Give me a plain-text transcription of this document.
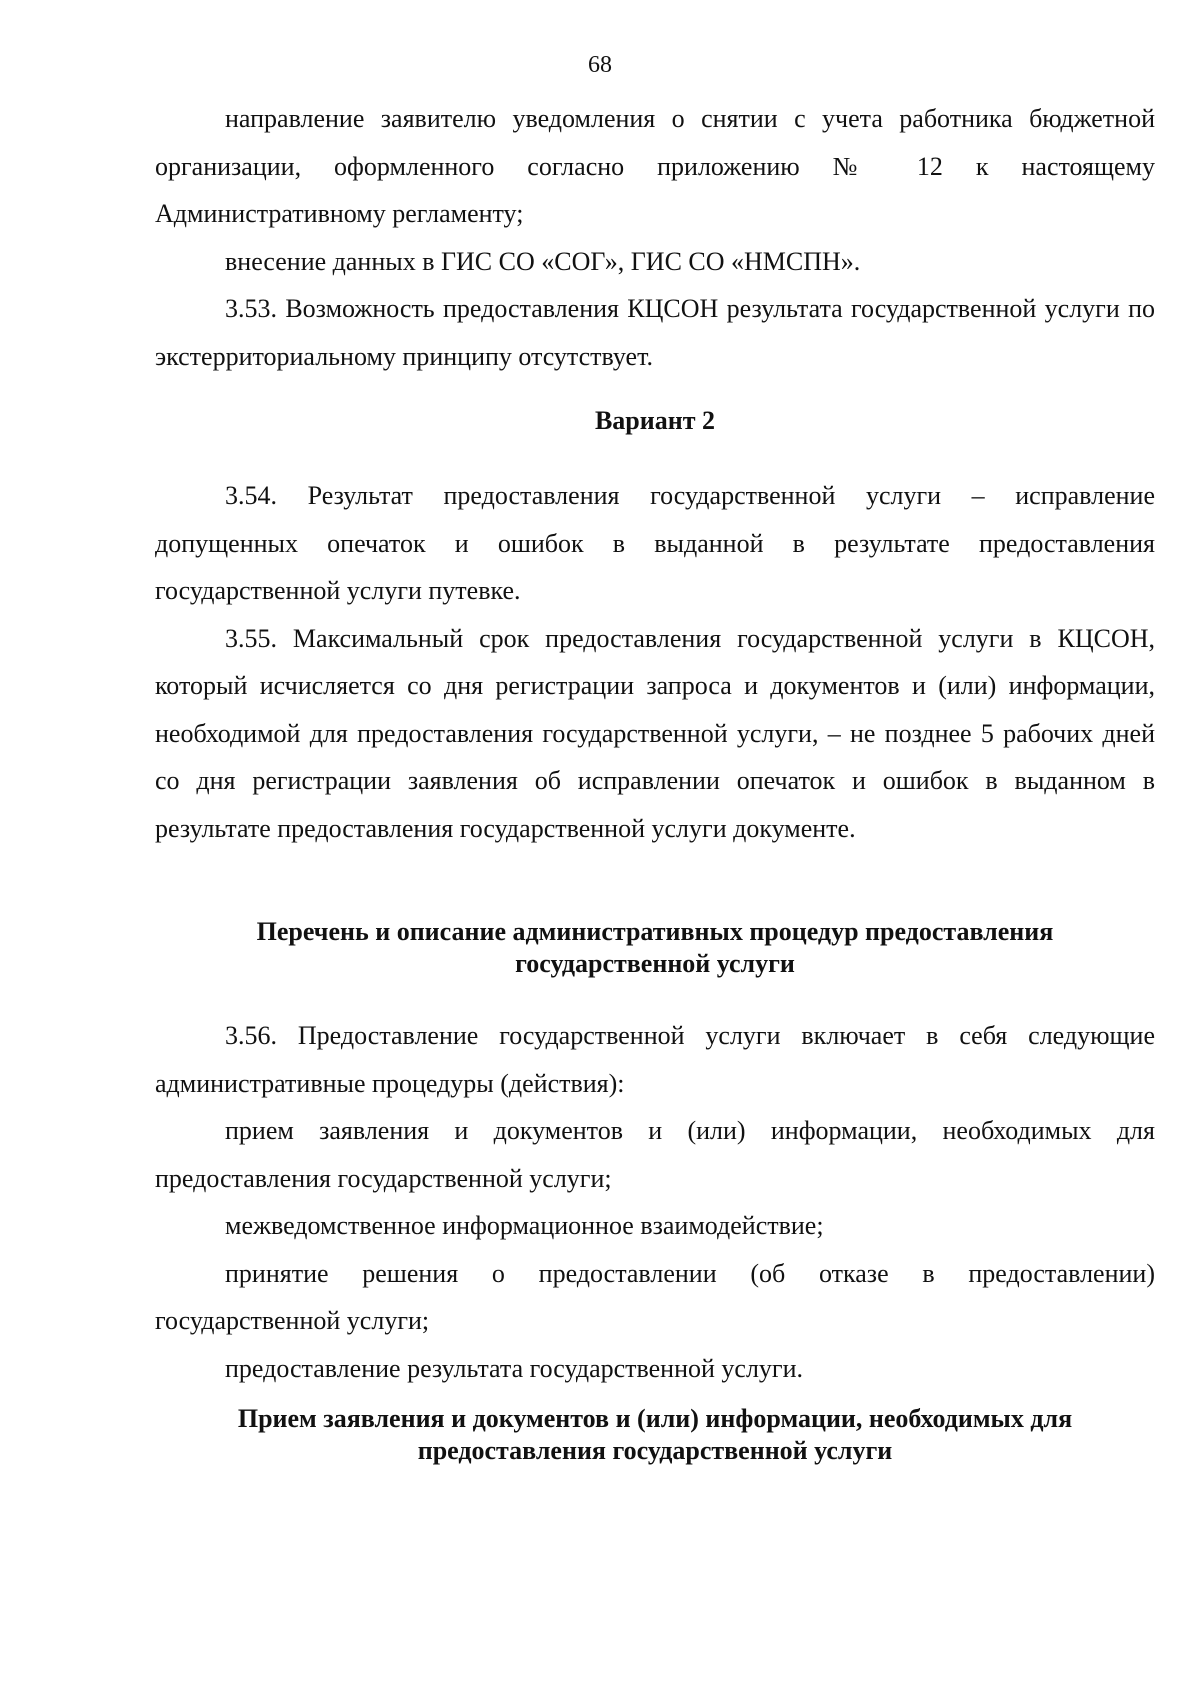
68

направление заявителю уведомления о снятии с учета работника бюджетной организации, оформленного согласно приложению № 12 к настоящему Административному регламенту;

внесение данных в ГИС СО «СОГ», ГИС СО «НМСПН».

3.53. Возможность предоставления КЦСОН результата государственной услуги по экстерриториальному принципу отсутствует.

Вариант 2

3.54. Результат предоставления государственной услуги – исправление допущенных опечаток и ошибок в выданной в результате предоставления государственной услуги путевке.

3.55. Максимальный срок предоставления государственной услуги в КЦСОН, который исчисляется со дня регистрации запроса и документов и (или) информации, необходимой для предоставления государственной услуги, – не позднее 5 рабочих дней со дня регистрации заявления об исправлении опечаток и ошибок в выданном в результате предоставления государственной услуги документе.

Перечень и описание административных процедур предоставления
государственной услуги

3.56. Предоставление государственной услуги включает в себя следующие административные процедуры (действия):

прием заявления и документов и (или) информации, необходимых для предоставления государственной услуги;

межведомственное информационное взаимодействие;

принятие решения о предоставлении (об отказе в предоставлении) государственной услуги;

предоставление результата государственной услуги.

Прием заявления и документов и (или) информации, необходимых для
предоставления государственной услуги
